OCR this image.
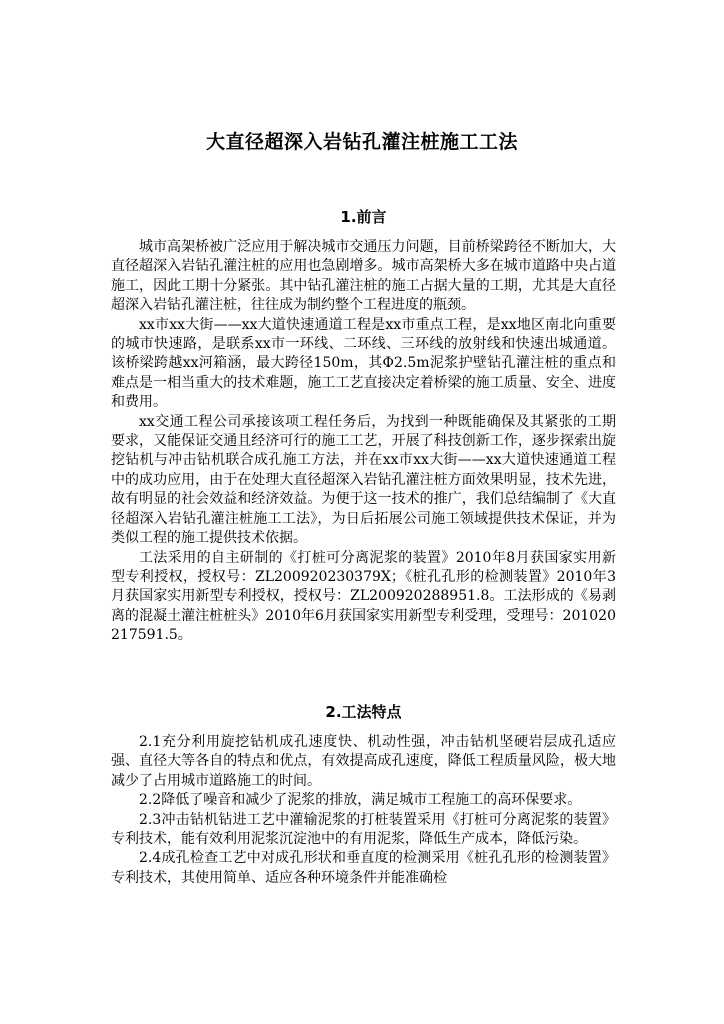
大直径超深入岩钻孔灌注桩施工工法
1.前言

城市高架桥被广泛应用于解决城市交通压力问题，目前桥梁跨径不断加大，大直径超深入岩钻孔灌注桩的应用也急剧增多。城市高架桥大多在城市道路中央占道施工，因此工期十分紧张。其中钻孔灌注桩的施工占据大量的工期，尤其是大直径超深入岩钻孔灌注桩，往往成为制约整个工程进度的瓶颈。

xx市xx大街——xx大道快速通道工程是xx市重点工程，是xx地区南北向重要的城市快速路，是联系xx市一环线、二环线、三环线的放射线和快速出城通道。该桥梁跨越xx河箱涵，最大跨径150m，其Φ2.5m泥浆护壁钻孔灌注桩的重点和难点是一相当重大的技术难题，施工工艺直接决定着桥梁的施工质量、安全、进度和费用。

xx交通工程公司承接该项工程任务后，为找到一种既能确保及其紧张的工期要求，又能保证交通且经济可行的施工工艺，开展了科技创新工作，逐步探索出旋挖钻机与冲击钻机联合成孔施工方法，并在xx市xx大街——xx大道快速通道工程中的成功应用，由于在处理大直径超深入岩钻孔灌注桩方面效果明显，技术先进，故有明显的社会效益和经济效益。为便于这一技术的推广，我们总结编制了《大直径超深入岩钻孔灌注桩施工工法》，为日后拓展公司施工领域提供技术保证，并为类似工程的施工提供技术依据。

工法采用的自主研制的《打桩可分离泥浆的装置》2010年8月获国家实用新型专利授权，授权号：ZL200920230379X；《桩孔孔形的检测装置》2010年3月获国家实用新型专利授权，授权号：ZL200920288951.8。工法形成的《易剥离的混凝土灌注桩桩头》2010年6月获国家实用新型专利受理，受理号：201020217591.5。

2.工法特点

2.1充分利用旋挖钻机成孔速度快、机动性强，冲击钻机坚硬岩层成孔适应强、直径大等各自的特点和优点，有效提高成孔速度，降低工程质量风险，极大地减少了占用城市道路施工的时间。

2.2降低了噪音和减少了泥浆的排放，满足城市工程施工的高环保要求。

2.3冲击钻机钻进工艺中灌输泥浆的打桩装置采用《打桩可分离泥浆的装置》专利技术，能有效利用泥浆沉淀池中的有用泥浆，降低生产成本，降低污染。

2.4成孔检查工艺中对成孔形状和垂直度的检测采用《桩孔孔形的检测装置》专利技术，其使用简单、适应各种环境条件并能准确检
